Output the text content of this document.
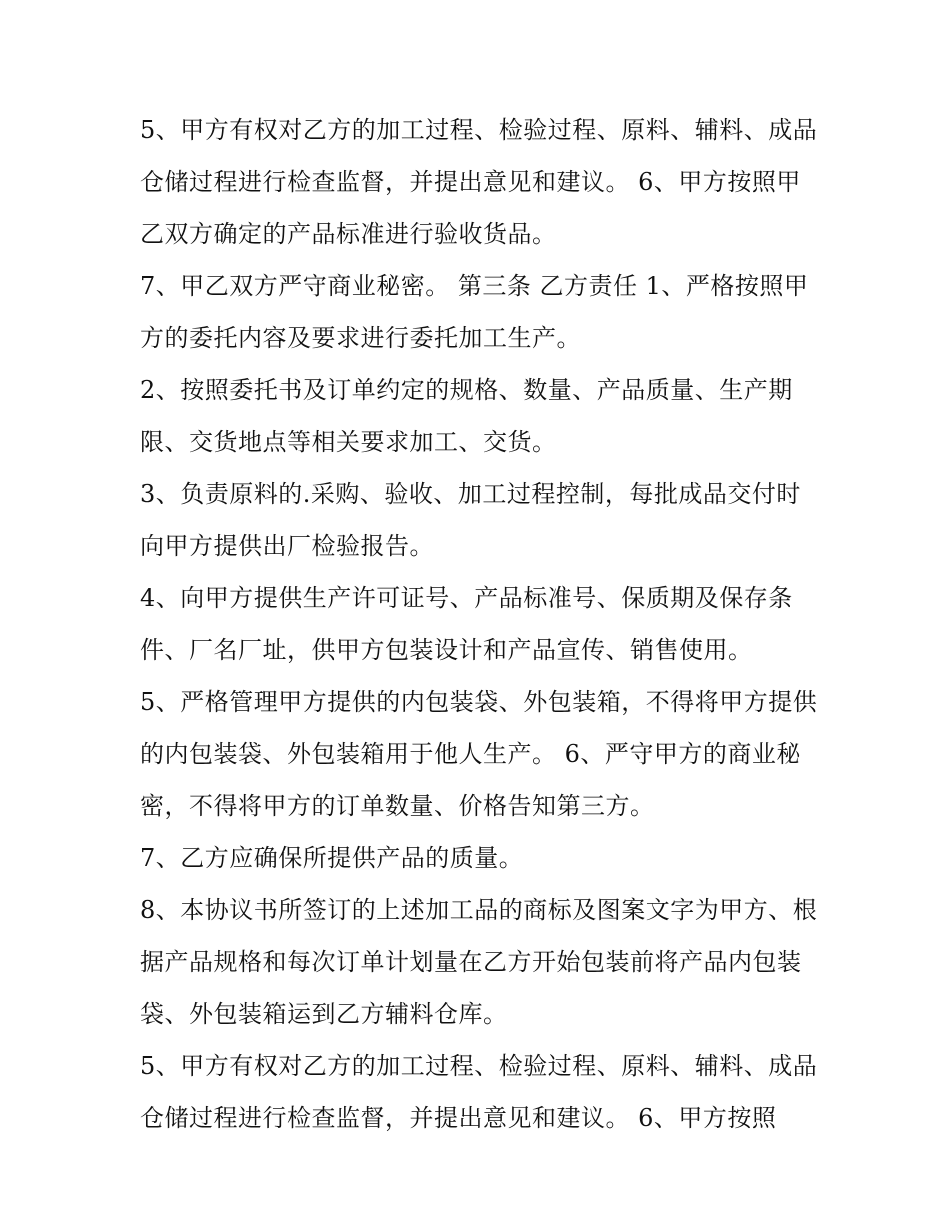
5、甲方有权对乙方的加工过程、检验过程、原料、辅料、成品仓储过程进行检查监督，并提出意见和建议。 6、甲方按照甲乙双方确定的产品标准进行验收货品。

7、甲乙双方严守商业秘密。 第三条 乙方责任 1、严格按照甲方的委托内容及要求进行委托加工生产。

2、按照委托书及订单约定的规格、数量、产品质量、生产期限、交货地点等相关要求加工、交货。

3、负责原料的.采购、验收、加工过程控制，每批成品交付时向甲方提供出厂检验报告。

4、向甲方提供生产许可证号、产品标准号、保质期及保存条件、厂名厂址，供甲方包装设计和产品宣传、销售使用。

5、严格管理甲方提供的内包装袋、外包装箱，不得将甲方提供的内包装袋、外包装箱用于他人生产。 6、严守甲方的商业秘密，不得将甲方的订单数量、价格告知第三方。

7、乙方应确保所提供产品的质量。

8、本协议书所签订的上述加工品的商标及图案文字为甲方、根据产品规格和每次订单计划量在乙方开始包装前将产品内包装袋、外包装箱运到乙方辅料仓库。

5、甲方有权对乙方的加工过程、检验过程、原料、辅料、成品仓储过程进行检查监督，并提出意见和建议。 6、甲方按照
